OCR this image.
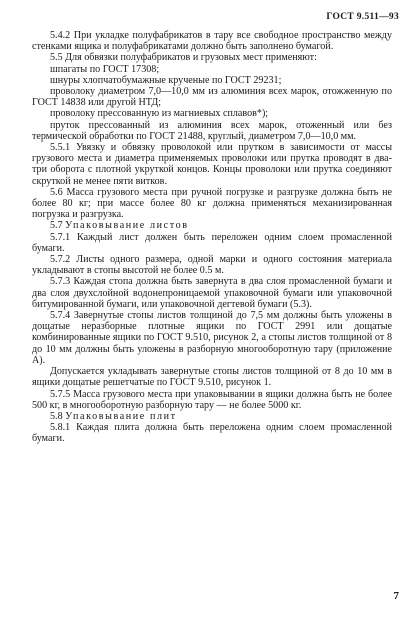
ГОСТ 9.511—93

5.4.2 При укладке полуфабрикатов в тару все свободное пространство между стенками ящика и полуфабрикатами должно быть заполнено бумагой.

5.5 Для обвязки полуфабрикатов и грузовых мест применяют:

шпагаты по ГОСТ 17308;

шнуры хлопчатобумажные крученые по ГОСТ 29231;

проволоку диаметром 7,0—10,0 мм из алюминия всех марок, отожженную по ГОСТ 14838 или другой НТД;

проволоку прессованную из магниевых сплавов*);

пруток прессованный из алюминия всех марок, отоженный или без термической обработки по ГОСТ 21488, круглый, диаметром 7,0—10,0 мм.

5.5.1 Увязку и обвязку проволокой или прутком в зависимости от массы грузового места и диаметра применяемых проволоки или прутка проводят в два-три оборота с плотной укруткой концов. Концы проволоки или прутка соединяют скруткой не менее пяти витков.

5.6 Масса грузового места при ручной погрузке и разгрузке должна быть не более 80 кг; при массе более 80 кг должна применяться механизированная погрузка и разгрузка.

5.7 Упаковывание листов

5.7.1 Каждый лист должен быть переложен одним слоем промасленной бумаги.

5.7.2 Листы одного размера, одной марки и одного состояния материала укладывают в стопы высотой не более 0.5 м.

5.7.3 Каждая стопа должна быть завернута в два слоя промасленной бумаги и два слоя двухслойной водонепроницаемой упаковочной бумаги или упаковочной битумированной бумаги, или упаковочной дегтевой бумаги (5.3).

5.7.4 Завернутые стопы листов толщиной до 7,5 мм должны быть уложены в дощатые неразборные плотные ящики по ГОСТ 2991 или дощатые комбинированные ящики по ГОСТ 9.510, рисунок 2, а стопы листов толщиной от 8 до 10 мм должны быть уложены в разборную многооборотную тару (приложение А).

Допускается укладывать завернутые стопы листов толщиной от 8 до 10 мм в ящики дощатые решетчатые по ГОСТ 9.510, рисунок 1.

5.7.5 Масса грузового места при упаковывании в ящики должна быть не более 500 кг, в многооборотную разборную тару — не более 5000 кг.

5.8 Упаковывание плит

5.8.1 Каждая плита должна быть переложена одним слоем промасленной бумаги.

7
